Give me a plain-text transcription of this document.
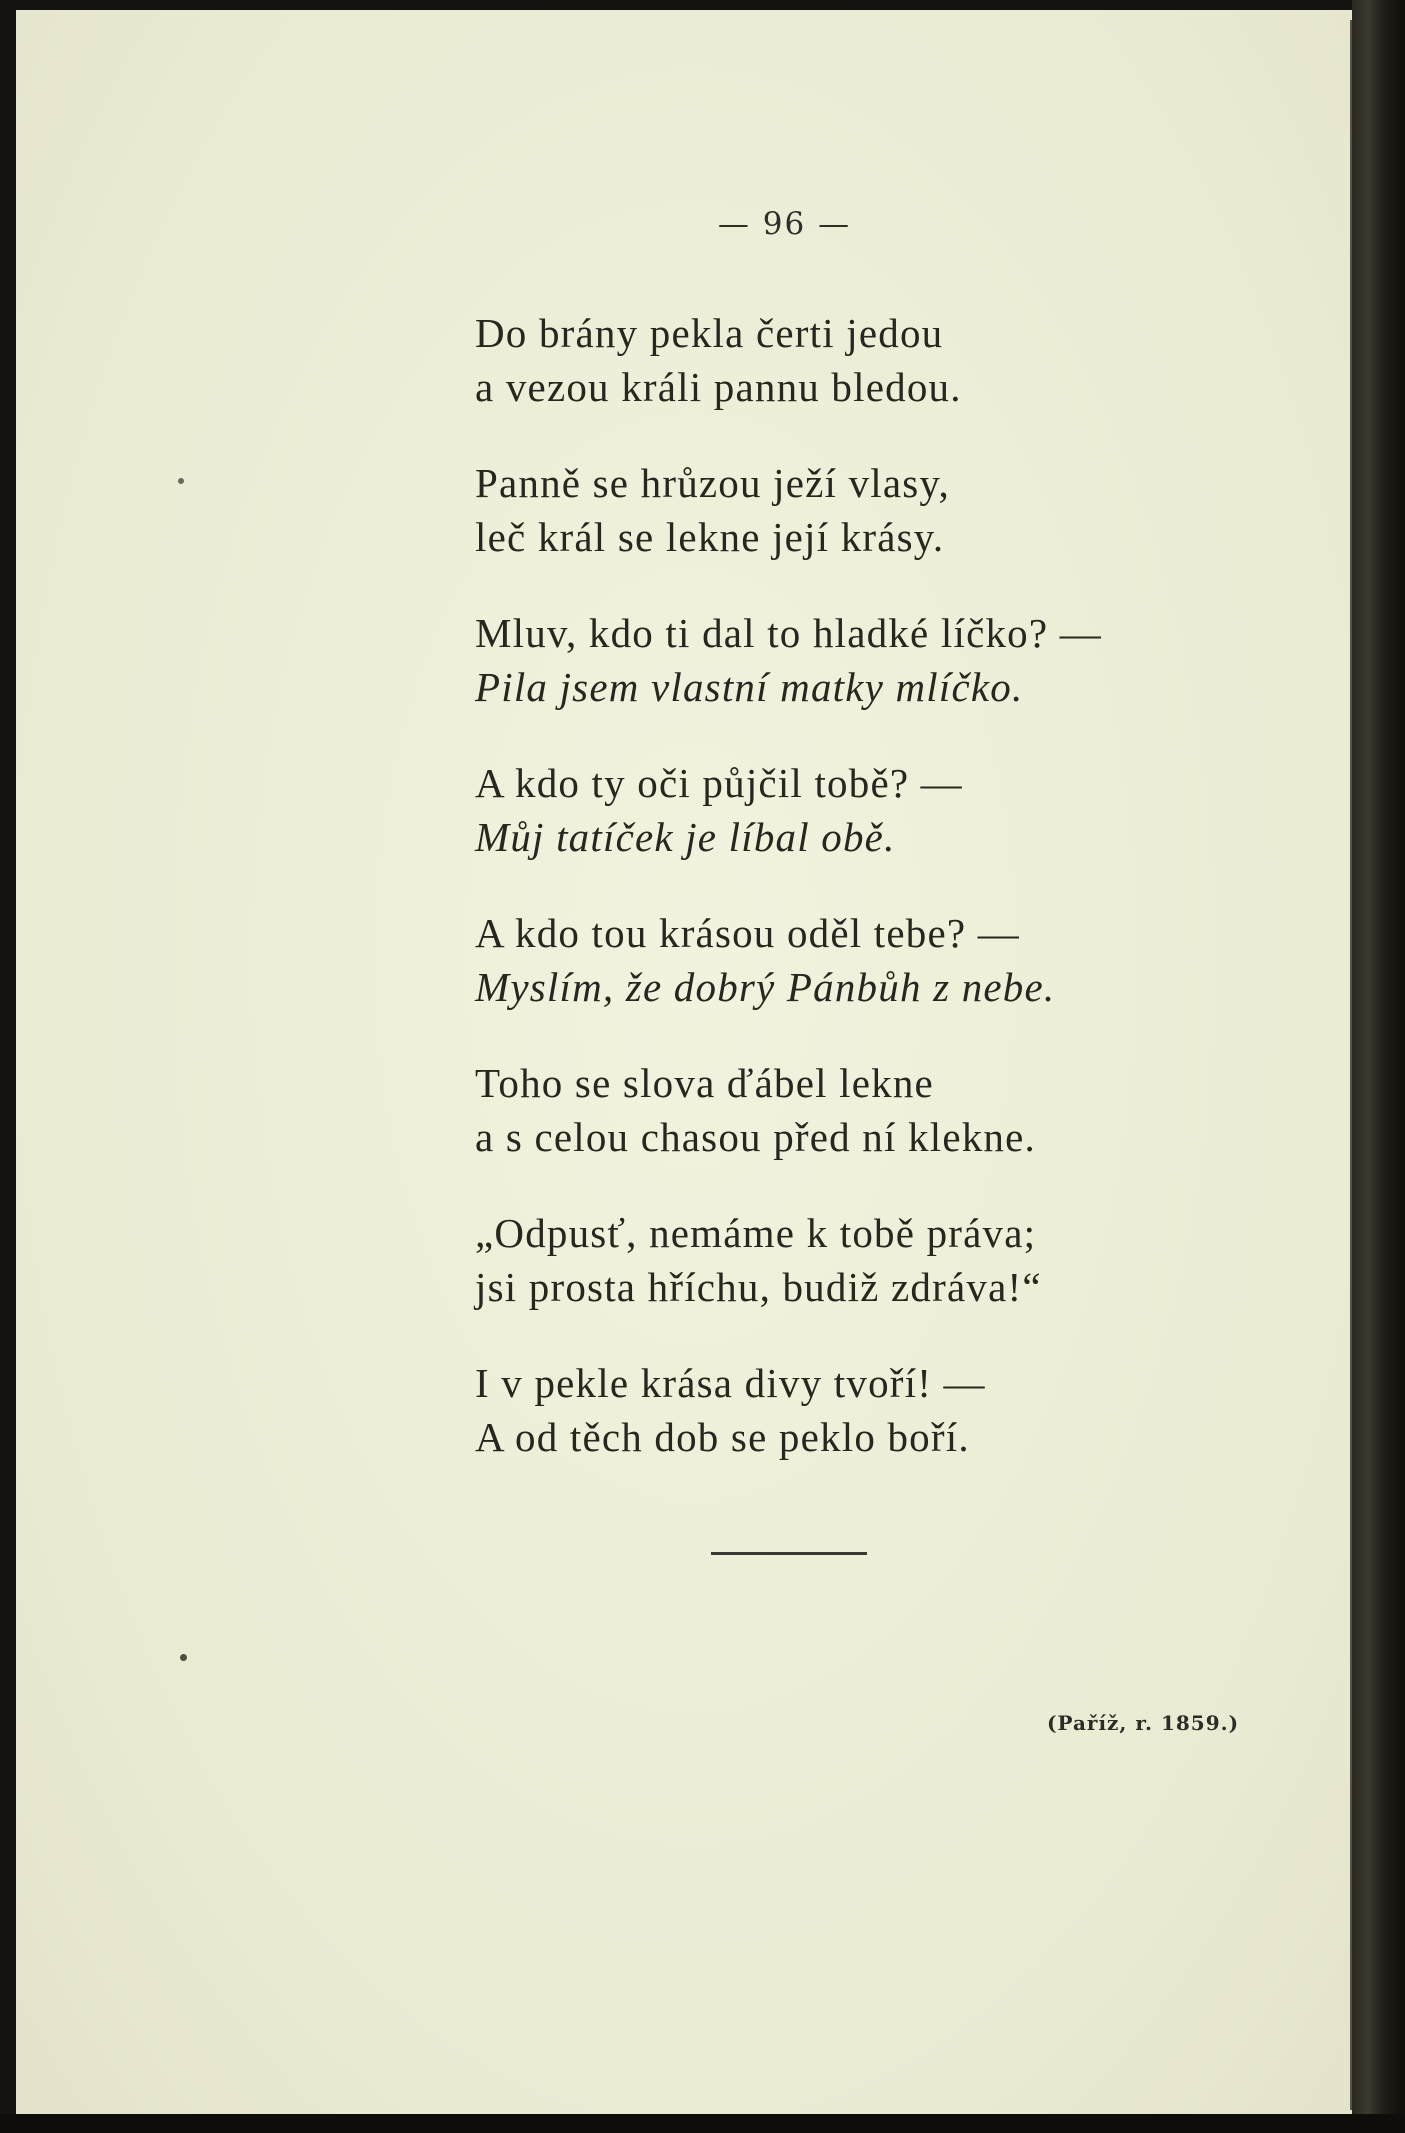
— 96 —
Do brány pekla čerti jedou
a vezou králi pannu bledou.
Panně se hrůzou ježí vlasy,
leč král se lekne její krásy.
Mluv, kdo ti dal to hladké líčko? —
Pila jsem vlastní matky mlíčko.
A kdo ty oči půjčil tobě? —
Můj tatíček je líbal obě.
A kdo tou krásou oděl tebe? —
Myslím, že dobrý Pánbůh z nebe.
Toho se slova ďábel lekne
a s celou chasou před ní klekne.
„Odpusť, nemáme k tobě práva;
jsi prosta hříchu, budiž zdráva!“
I v pekle krása divy tvoří! —
A od těch dob se peklo boří.
(Paříž, r. 1859.)
